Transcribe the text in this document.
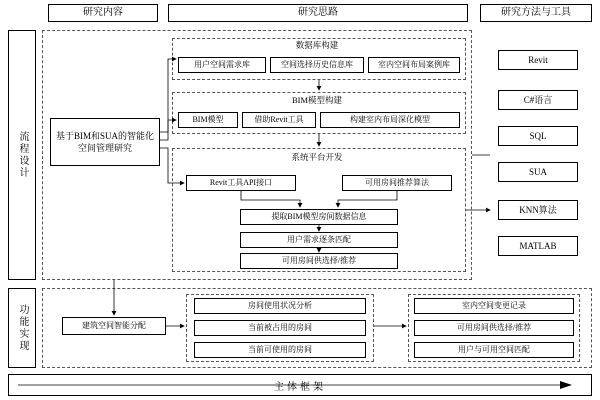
研究内容	研究思路	研究方法与工具
流程设计
功能实现
基于BIM和SUA的智能化空间管理研究
数据库构建
用户空间需求库	空间选择历史信息库	室内空间布局案例库
BIM模型构建
BIM模型	借助Revit工具	构建室内布局深化模型
系统平台开发
Revit工具API接口	可用房间推荐算法
提取BIM模型房间数据信息
用户需求逐条匹配
可用房间供选择/推荐
建筑空间智能分配
房间使用状况分析
当前被占用的房间
当前可使用的房间
室内空间变更记录
可用房间供选择/推荐
用户与可用空间匹配
Revit
C#语言
SQL
SUA
KNN算法
MATLAB
主体框架
